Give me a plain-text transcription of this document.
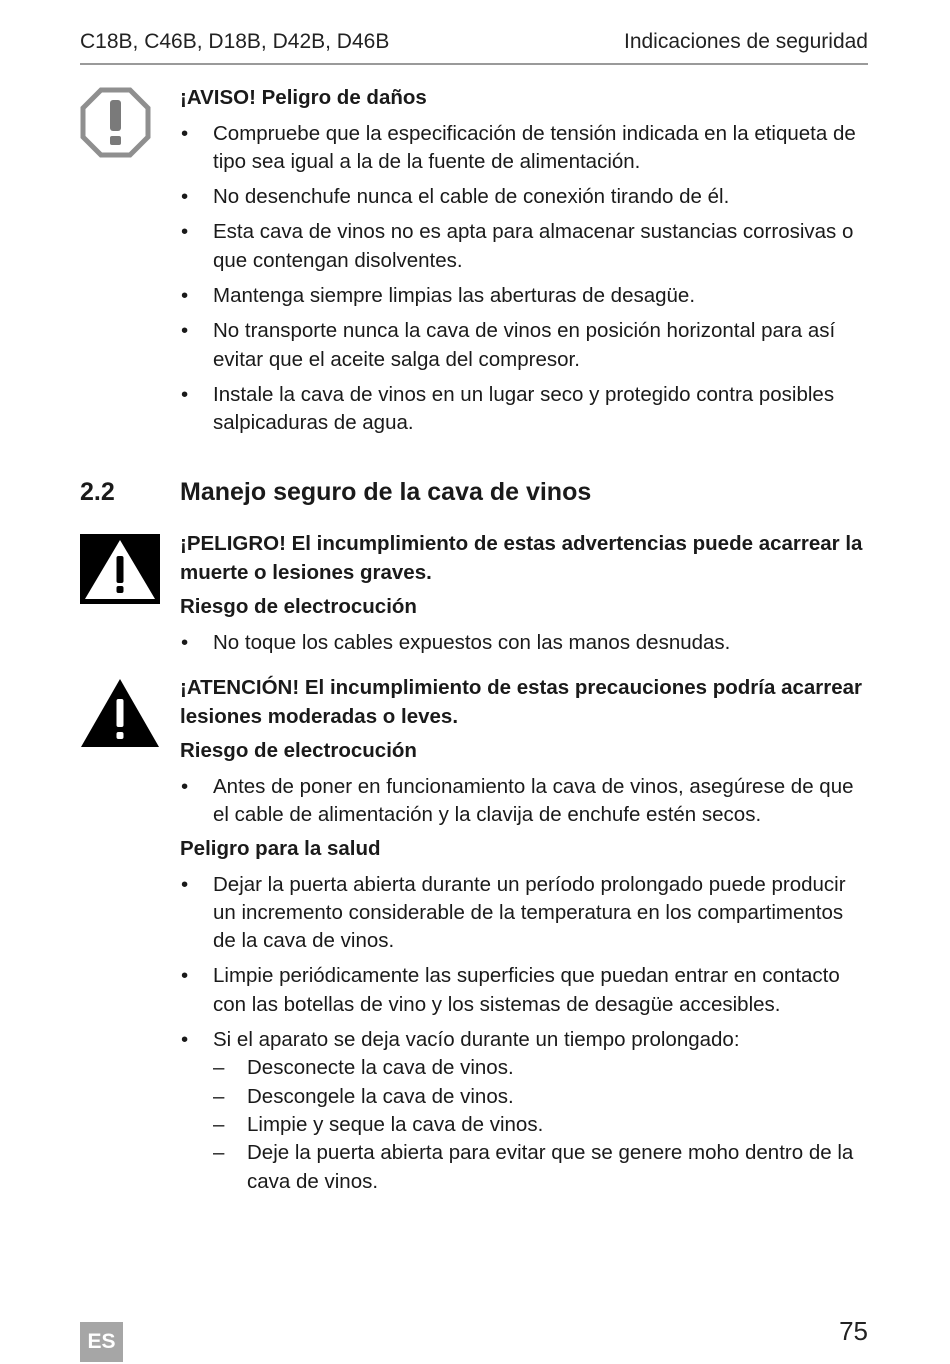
C18B, C46B, D18B, D42B, D46B	Indicaciones de seguridad

¡AVISO! Peligro de daños

• Compruebe que la especificación de tensión indicada en la etiqueta de tipo sea igual a la de la fuente de alimentación.
• No desenchufe nunca el cable de conexión tirando de él.
• Esta cava de vinos no es apta para almacenar sustancias corrosivas o que contengan disolventes.
• Mantenga siempre limpias las aberturas de desagüe.
• No transporte nunca la cava de vinos en posición horizontal para así evitar que el aceite salga del compresor.
• Instale la cava de vinos en un lugar seco y protegido contra posibles salpicaduras de agua.
2.2	Manejo seguro de la cava de vinos

¡PELIGRO! El incumplimiento de estas advertencias puede acarrear la muerte o lesiones graves.

Riesgo de electrocución

• No toque los cables expuestos con las manos desnudas.

¡ATENCIÓN! El incumplimiento de estas precauciones podría acarrear lesiones moderadas o leves.

Riesgo de electrocución

• Antes de poner en funcionamiento la cava de vinos, asegúrese de que el cable de alimentación y la clavija de enchufe estén secos.

Peligro para la salud

• Dejar la puerta abierta durante un período prolongado puede producir un incremento considerable de la temperatura en los compartimentos de la cava de vinos.
• Limpie periódicamente las superficies que puedan entrar en contacto con las botellas de vino y los sistemas de desagüe accesibles.
• Si el aparato se deja vacío durante un tiempo prolongado:
– Desconecte la cava de vinos.
– Descongele la cava de vinos.
– Limpie y seque la cava de vinos.
– Deje la puerta abierta para evitar que se genere moho dentro de la cava de vinos.
ES	75
